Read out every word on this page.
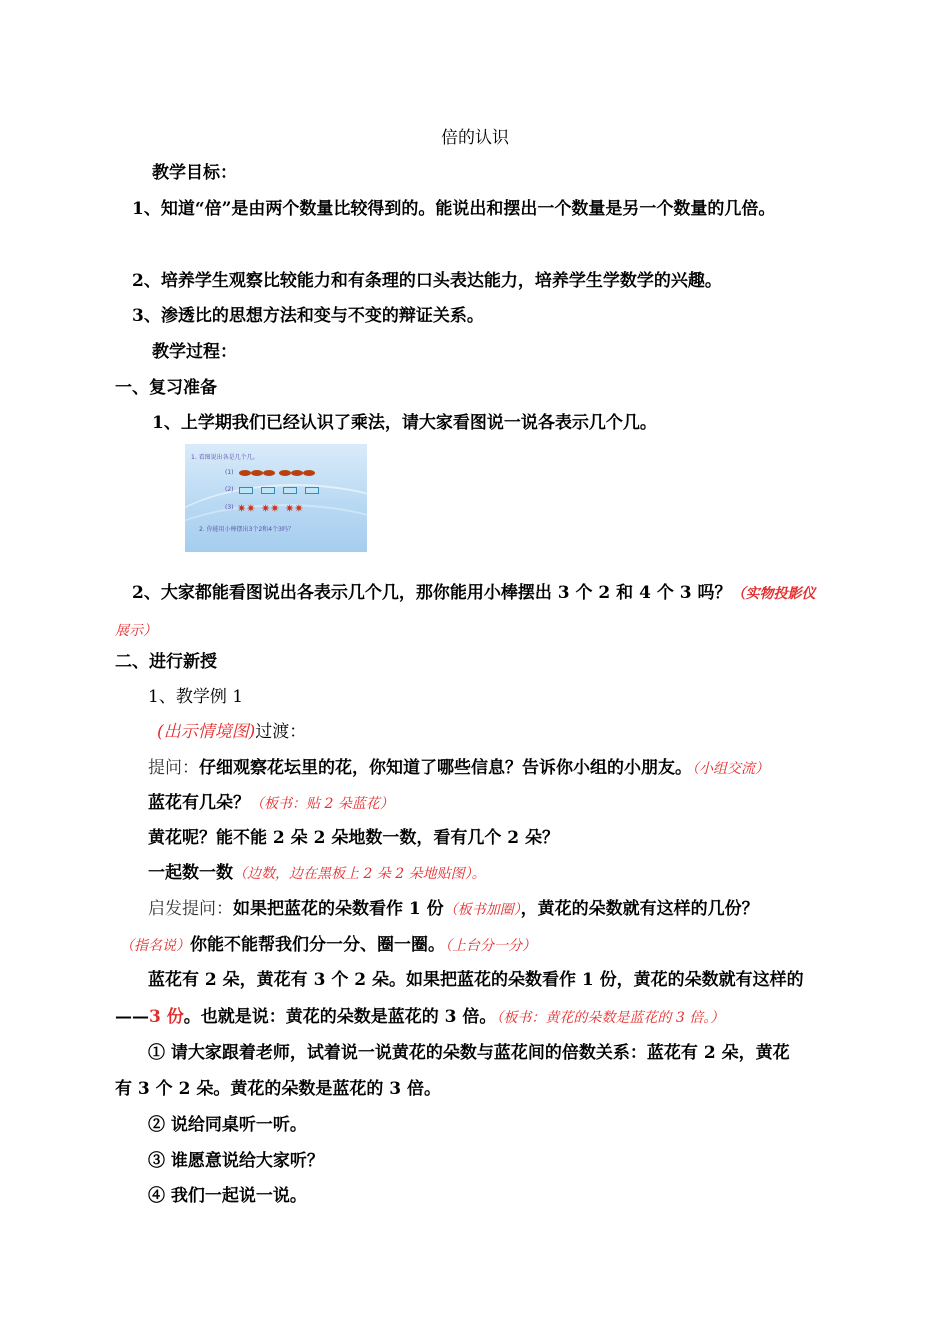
倍的认识
教学目标：
1、知道“倍”是由两个数量比较得到的。能说出和摆出一个数量是另一个数量的几倍。
2、培养学生观察比较能力和有条理的口头表达能力，培养学生学数学的兴趣。
3、渗透比的思想方法和变与不变的辩证关系。
教学过程：
一、复习准备
1、上学期我们已经认识了乘法，请大家看图说一说各表示几个几。
1. 看图说出各是几个几。
(1)
(2)
(3) ✷✷ ✷✷ ✷✷
2. 你能用小棒摆出3个2和4个3吗？
2、大家都能看图说出各表示几个几，那你能用小棒摆出 3 个 2 和 4 个 3 吗？（实物投影仪
展示）
二、进行新授
1、教学例 1
(出示情境图)过渡：
提问：仔细观察花坛里的花，你知道了哪些信息？告诉你小组的小朋友。（小组交流）
蓝花有几朵？（板书：贴 2 朵蓝花）
黄花呢？能不能 2 朵 2 朵地数一数，看有几个 2 朵？
一起数一数（边数，边在黑板上 2 朵 2 朵地贴图）。
启发提问：如果把蓝花的朵数看作 1 份（板书加圈），黄花的朵数就有这样的几份？
（指名说）你能不能帮我们分一分、圈一圈。（上台分一分）
蓝花有 2 朵，黄花有 3 个 2 朵。如果把蓝花的朵数看作 1 份，黄花的朵数就有这样的
——3 份。也就是说：黄花的朵数是蓝花的 3 倍。（板书：黄花的朵数是蓝花的 3 倍。）
① 请大家跟着老师，试着说一说黄花的朵数与蓝花间的倍数关系：蓝花有 2 朵，黄花
有 3 个 2 朵。黄花的朵数是蓝花的 3 倍。
② 说给同桌听一听。
③ 谁愿意说给大家听？
④ 我们一起说一说。
